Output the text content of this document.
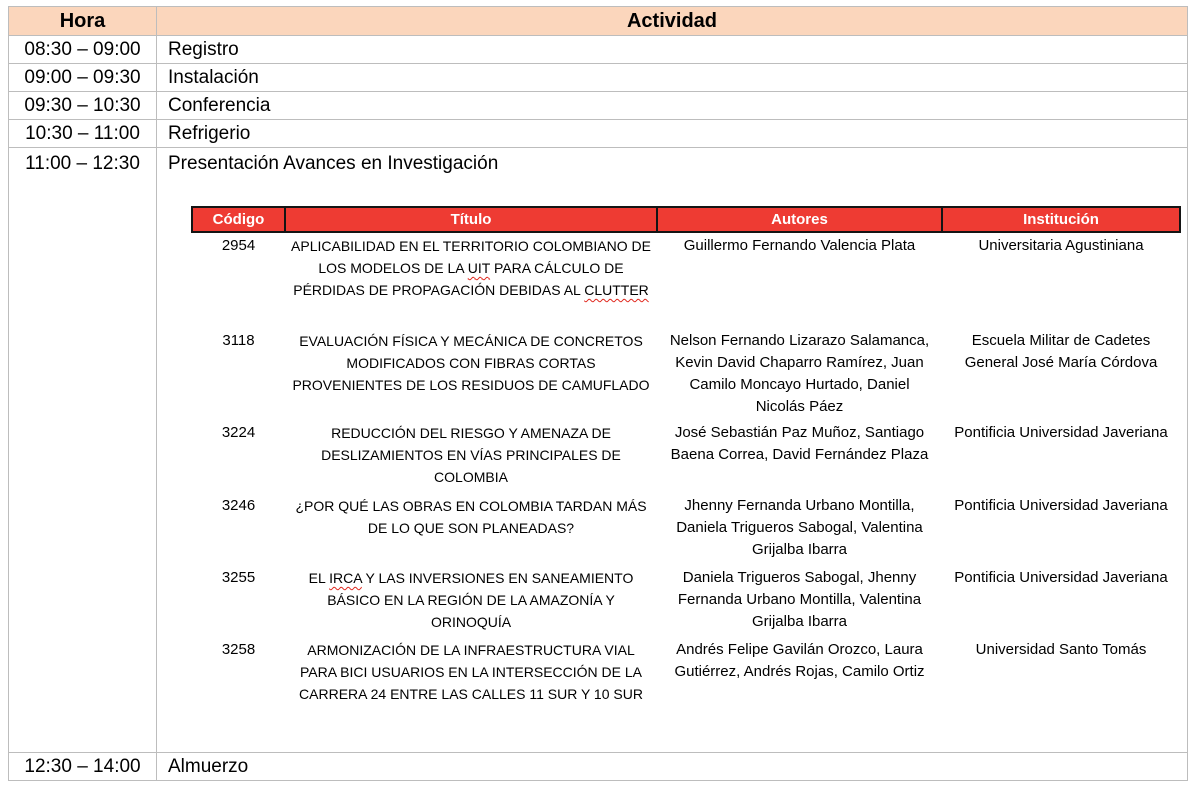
Hora	Actividad
08:30 – 09:00	Registro
09:00 – 09:30	Instalación
09:30 – 10:30	Conferencia
10:30 – 11:00	Refrigerio
11:00 – 12:30	Presentación Avances en Investigación
Código	Título	Autores	Institución
2954	APLICABILIDAD EN EL TERRITORIO COLOMBIANO DE LOS MODELOS DE LA UIT PARA CÁLCULO DE PÉRDIDAS DE PROPAGACIÓN DEBIDAS AL CLUTTER	Guillermo Fernando Valencia Plata	Universitaria Agustiniana
3118	EVALUACIÓN FÍSICA Y MECÁNICA DE CONCRETOS MODIFICADOS CON FIBRAS CORTAS PROVENIENTES DE LOS RESIDUOS DE CAMUFLADO	Nelson Fernando Lizarazo Salamanca, Kevin David Chaparro Ramírez, Juan Camilo Moncayo Hurtado, Daniel Nicolás Páez	Escuela Militar de Cadetes General José María Córdova
3224	REDUCCIÓN DEL RIESGO Y AMENAZA DE DESLIZAMIENTOS EN VÍAS PRINCIPALES DE COLOMBIA	José Sebastián Paz Muñoz, Santiago Baena Correa, David Fernández Plaza	Pontificia Universidad Javeriana
3246	¿POR QUÉ LAS OBRAS EN COLOMBIA TARDAN MÁS DE LO QUE SON PLANEADAS?	Jhenny Fernanda Urbano Montilla, Daniela Trigueros Sabogal, Valentina Grijalba Ibarra	Pontificia Universidad Javeriana
3255	EL IRCA Y LAS INVERSIONES EN SANEAMIENTO BÁSICO EN LA REGIÓN DE LA AMAZONÍA Y ORINOQUÍA	Daniela Trigueros Sabogal, Jhenny Fernanda Urbano Montilla, Valentina Grijalba Ibarra	Pontificia Universidad Javeriana
3258	ARMONIZACIÓN DE LA INFRAESTRUCTURA VIAL PARA BICI USUARIOS EN LA INTERSECCIÓN DE LA CARRERA 24 ENTRE LAS CALLES 11 SUR Y 10 SUR	Andrés Felipe Gavilán Orozco, Laura Gutiérrez, Andrés Rojas, Camilo Ortiz	Universidad Santo Tomás

12:30 – 14:00	Almuerzo
